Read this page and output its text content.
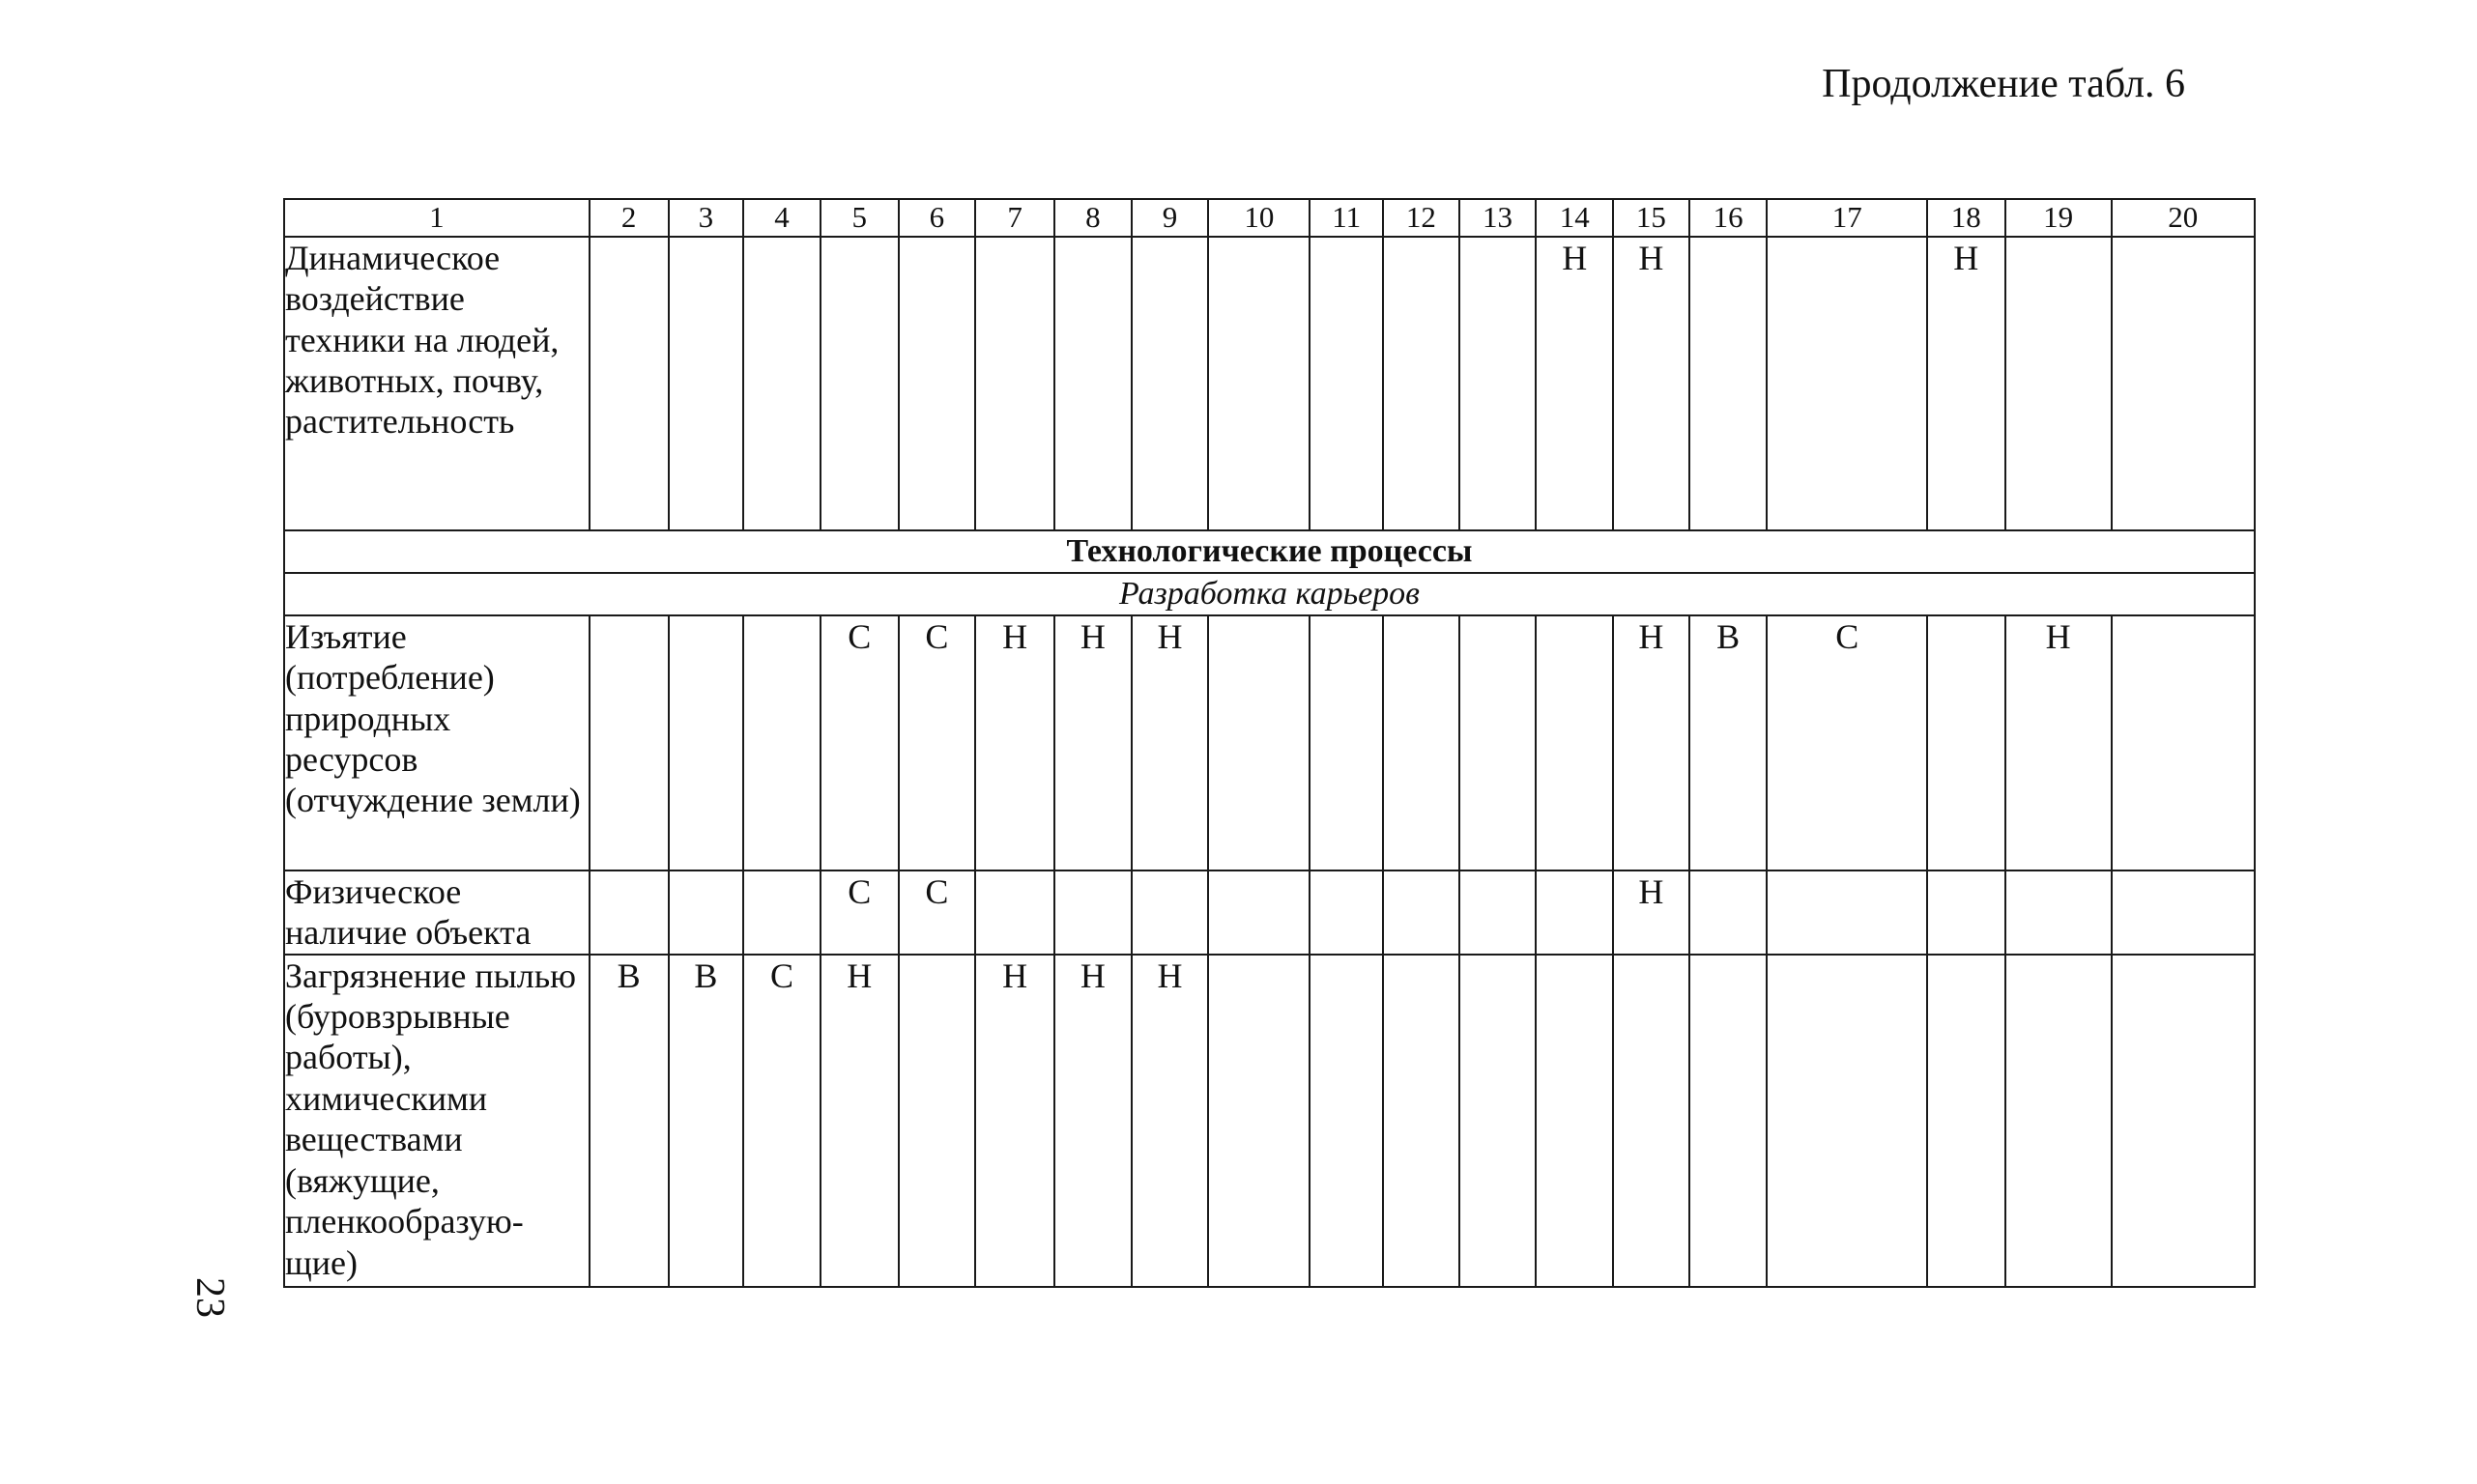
Продолжение табл. 6
23
1	2	3	4	5	6	7	8	9	10	11	12	13	14	15	16	17	18	19	20
Динамическое воздействие техники на людей, животных, почву, растительность													Н	Н			Н		
Технологические процессы																			
Разработка карьеров																			
Изъятие (потребление) природных ресурсов (отчуждение земли)				С	С	Н	Н	Н						Н	В	С		Н	
Физическое наличие объекта				С	С									Н					
Загрязнение пылью (буровзрывные работы), химическими веществами (вяжущие, пленкообразую-щие)	В	В	С	Н		Н	Н	Н											
